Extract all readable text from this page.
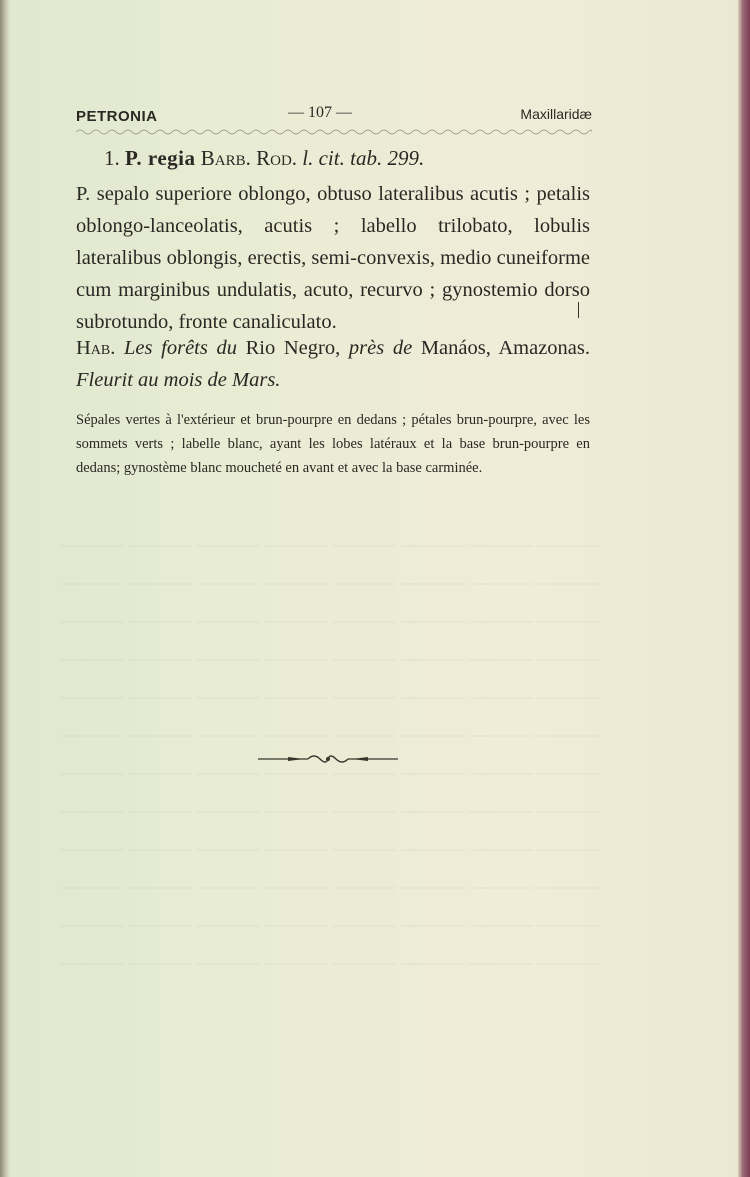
PETRONIA	— 107 —	Maxillaridæ
1. P. regia Barb. Rod. l. cit. tab. 299.
P. sepalo superiore oblongo, obtuso lateralibus acutis ; petalis oblongo-lanceolatis, acutis ; labello trilobato, lobulis lateralibus oblongis, erectis, semi-convexis, medio cuneiforme cum marginibus undulatis, acuto, recurvo ; gynostemio dorso subrotundo, fronte canaliculato.
Hab. Les forêts du Rio Negro, près de Manáos, Amazonas. Fleurit au mois de Mars.
Sépales vertes à l'extérieur et brun-pourpre en dedans ; pétales brun-pourpre, avec les sommets verts ; labelle blanc, ayant les lobes latéraux et la base brun-pourpre en dedans; gynostème blanc moucheté en avant et avec la base carminée.
